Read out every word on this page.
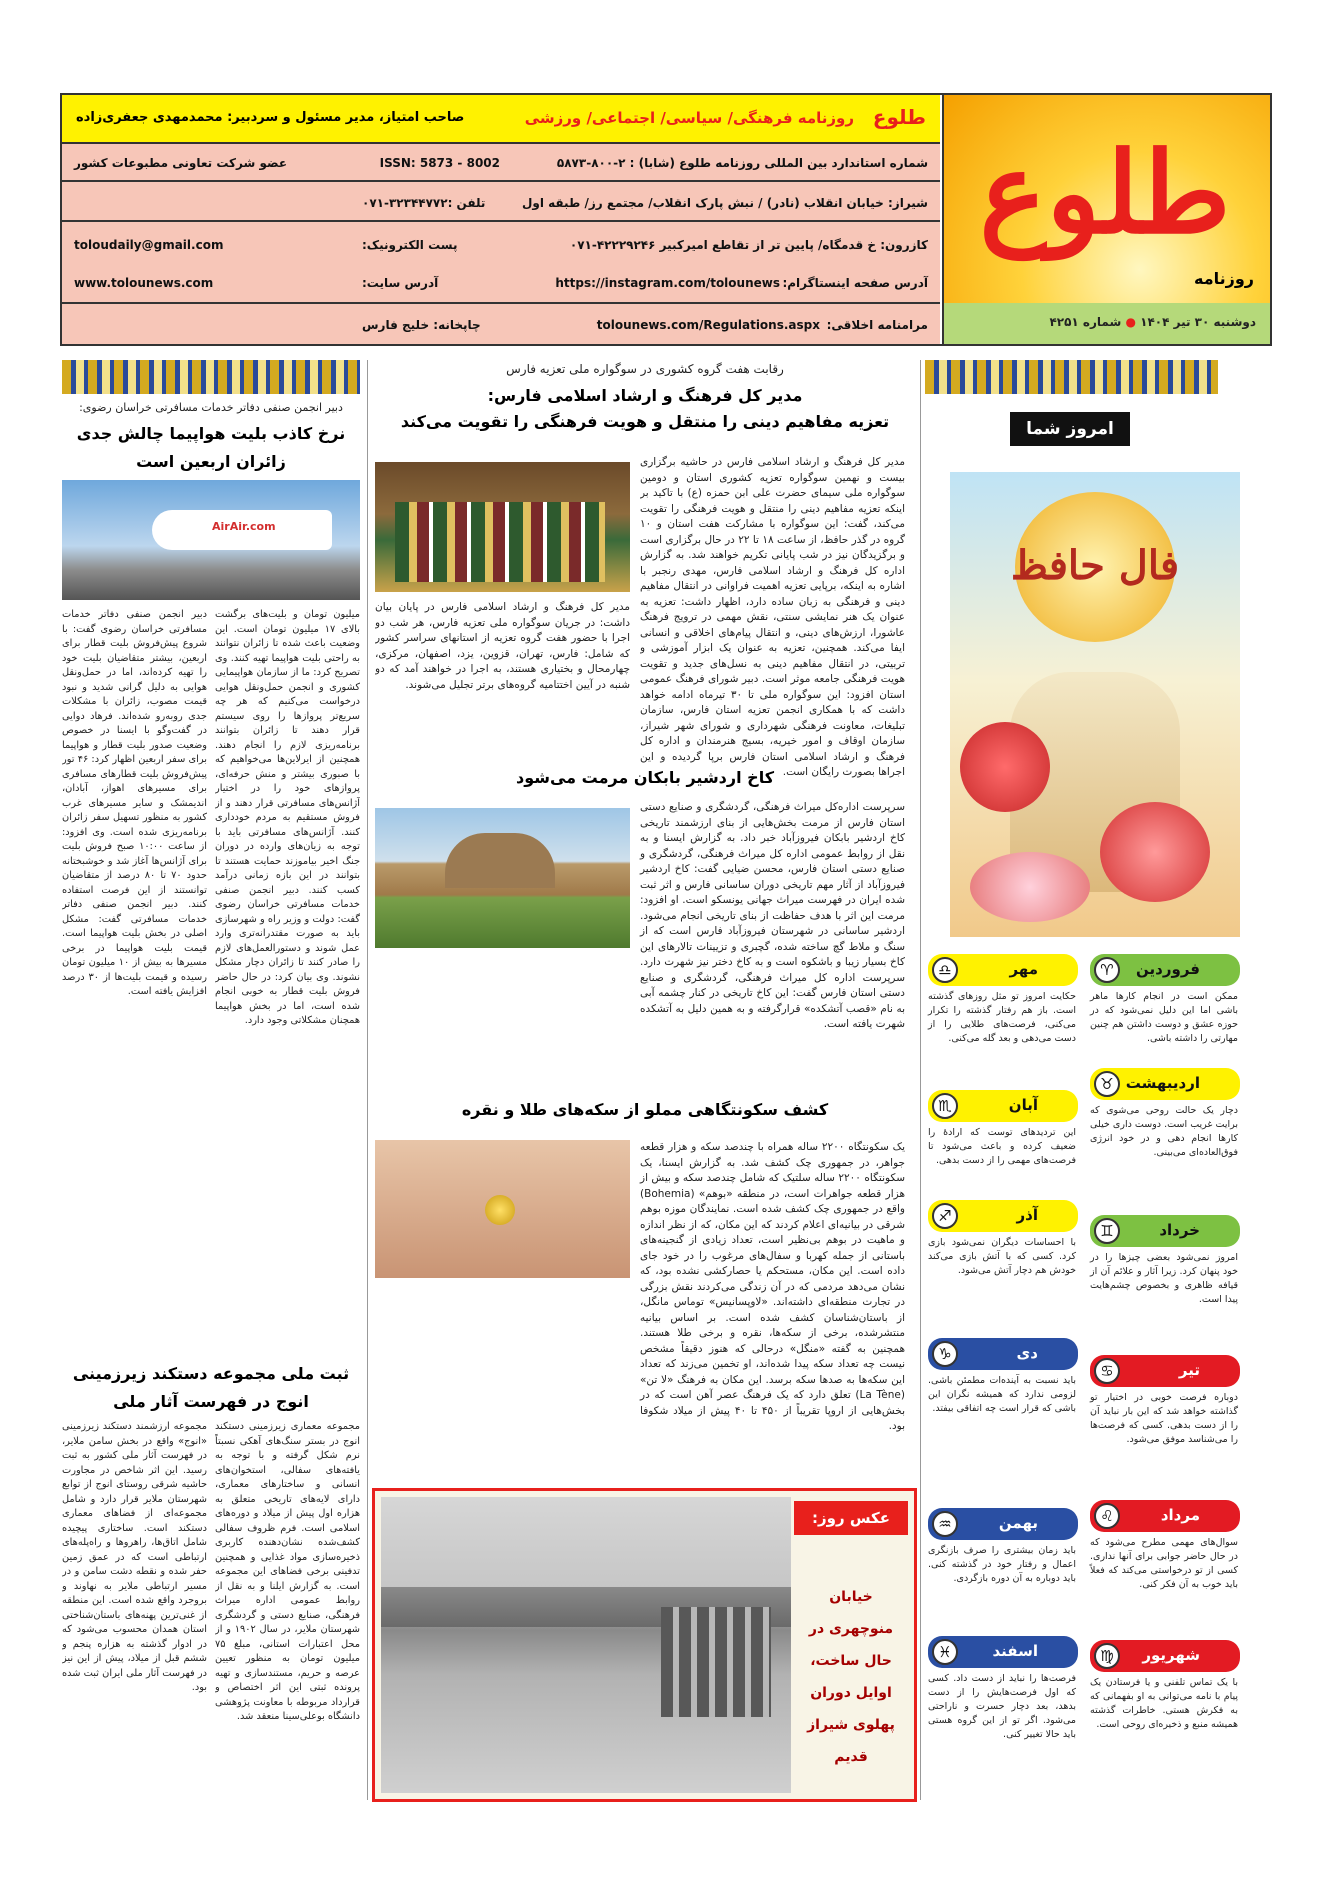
طلوع
روزنامه
دوشنبه ۳۰ تیر ۱۴۰۴ ● شماره ۴۲۵۱
طلوع
روزنامه فرهنگی/ سیاسی/ اجتماعی/ ورزشی
صاحب امتیاز، مدیر مسئول و سردبیر: محمدمهدی جعفری‌زاده
شماره استاندارد بین المللی روزنامه طلوع (شابا) : ۲-۸۰۰-۵۸۷۳
ISSN: 5873 - 8002
عضو شرکت تعاونی مطبوعات کشور
شیراز: خیابان انقلاب (نادر) / نبش پارک انقلاب/ مجتمع رز/ طبقه اول
تلفن :۳۲۳۴۴۷۷۲-۰۷۱
کازرون: خ قدمگاه/ پایین تر از تقاطع امیرکبیر ۴۲۲۲۹۲۴۶-۰۷۱
پست الکترونیک:
toloudaily@gmail.com
آدرس صفحه اینستاگرام:
https://instagram.com/tolounews
آدرس سایت:
www.tolounews.com
مرامنامه اخلاقی:
tolounews.com/Regulations.aspx
چاپخانه: خلیج فارس
امروز شما
فال حافظ
♈	فروردین
ممکن است در انجام کارها ماهر باشی اما این دلیل نمی‌شود که در حوزه عشق و دوست داشتن هم چنین مهارتی را داشته باشی.
♎	مهر
حکایت امروز تو مثل روزهای گذشته است. باز هم رفتار گذشته را تکرار می‌کنی، فرصت‌های طلایی را از دست می‌دهی و بعد گله می‌کنی.
♉ اردیبهشت
دچار یک حالت روحی می‌شوی که برایت غریب است. دوست داری خیلی کارها انجام دهی و در خود انرژی فوق‌العاده‌ای می‌بینی.
♏	آبان
این تردیدهای توست که ارادهٔ را ضعیف کرده و باعث می‌شود تا فرصت‌های مهمی را از دست بدهی.
♊	خرداد
امروز نمی‌شود بعضی چیزها را در خود پنهان کرد. زیرا آثار و علائم آن از قیافه ظاهری و بخصوص چشم‌هایت پیدا است.
♐	آذر
با احساسات دیگران نمی‌شود بازی کرد. کسی که با آتش بازی می‌کند خودش هم دچار آتش می‌شود.
♋	تیر
دوباره فرصت خوبی در اختیار تو گذاشته خواهد شد که این بار نباید آن را از دست بدهی. کسی که فرصت‌ها را می‌شناسد موفق می‌شود.
♑	دی
باید نسبت به آینده‌ات مطمئن باشی. لزومی ندارد که همیشه نگران این باشی که قرار است چه اتفاقی بیفتد.
♌	مرداد
سوال‌های مهمی مطرح می‌شود که در حال حاضر جوابی برای آنها نداری. کسی از تو درخواستی می‌کند که فعلاً باید خوب به آن فکر کنی.
♒	بهمن
باید زمان بیشتری را صرف بازنگری اعمال و رفتار خود در گذشته کنی. باید دوباره به آن دوره بازگردی.
♍	شهریور
با یک تماس تلفنی و یا فرستادن یک پیام با نامه می‌توانی به او بفهمانی که به فکرش هستی. خاطرات گذشته همیشه منبع و ذخیره‌ای روحی است.
♓	اسفند
فرصت‌ها را نباید از دست داد. کسی که اول فرصت‌هایش را از دست بدهد، بعد دچار حسرت و ناراحتی می‌شود. اگر تو از این گروه هستی باید حالا تغییر کنی.
رقابت هفت گروه کشوری در سوگواره ملی تعزیه فارس
مدیر کل فرهنگ و ارشاد اسلامی فارس:
تعزیه مفاهیم دینی را منتقل و هویت فرهنگی را تقویت می‌کند
مدیر کل فرهنگ و ارشاد اسلامی فارس در حاشیه برگزاری بیست و نهمین سوگواره تعزیه کشوری استان و دومین سوگواره ملی سیمای حضرت علی ابن حمزه (ع) با تاکید بر اینکه تعزیه مفاهیم دینی را منتقل و هویت فرهنگی را تقویت می‌کند، گفت: این سوگواره با مشارکت هفت استان و ۱۰ گروه در گذر حافظ، از ساعت ۱۸ تا ۲۲ در حال برگزاری است و برگزیدگان نیز در شب پایانی تکریم خواهند شد. به گزارش اداره کل فرهنگ و ارشاد اسلامی فارس، مهدی رنجبر با اشاره به اینکه، برپایی تعزیه اهمیت فراوانی در انتقال مفاهیم دینی و فرهنگی به زبان ساده دارد، اظهار داشت: تعزیه به عنوان یک هنر نمایشی سنتی، نقش مهمی در ترویج فرهنگ عاشورا، ارزش‌های دینی، و انتقال پیام‌های اخلاقی و انسانی ایفا می‌کند. همچنین، تعزیه به عنوان یک ابزار آموزشی و تربیتی، در انتقال مفاهیم دینی به نسل‌های جدید و تقویت هویت فرهنگی جامعه موثر است. دبیر شورای فرهنگ عمومی استان افزود: این سوگواره ملی تا ۳۰ تیرماه ادامه خواهد داشت که با همکاری انجمن تعزیه استان فارس، سازمان تبلیغات، معاونت فرهنگی شهرداری و شورای شهر شیراز، سازمان اوقاف و امور خیریه، بسیج هنرمندان و اداره کل فرهنگ و ارشاد اسلامی استان فارس برپا گردیده و این اجراها بصورت رایگان است.
مدیر کل فرهنگ و ارشاد اسلامی فارس در پایان بیان داشت: در جریان سوگواره ملی تعزیه فارس، هر شب دو اجرا با حضور هفت گروه تعزیه از استانهای سراسر کشور که شامل: فارس، تهران، قزوین، یزد، اصفهان، مرکزی، چهارمحال و بختیاری هستند، به اجرا در خواهند آمد که دو شنبه در آیین اختتامیه گروه‌های برتر تجلیل می‌شوند.
کاخ اردشیر بابکان مرمت می‌شود
سرپرست اداره‌کل میراث فرهنگی، گردشگری و صنایع دستی استان فارس از مرمت بخش‌هایی از بنای ارزشمند تاریخی کاخ اردشیر بابکان فیروزآباد خبر داد. به گزارش ایسنا و به نقل از روابط عمومی اداره کل میراث فرهنگی، گردشگری و صنایع دستی استان فارس، محسن ضیایی گفت: کاخ اردشیر فیروزآباد از آثار مهم تاریخی دوران ساسانی فارس و اثر ثبت شده ایران در فهرست میراث جهانی یونسکو است. او افزود: مرمت این اثر با هدف حفاظت از بنای تاریخی انجام می‌شود. اردشیر ساسانی در شهرستان فیروزآباد فارس است که از سنگ و ملاط گچ ساخته شده، گچبری و تزیینات تالارهای این کاخ بسیار زیبا و باشکوه است و به کاخ دختر نیز شهرت دارد. سرپرست اداره کل میراث فرهنگی، گردشگری و صنایع دستی استان فارس گفت: این کاخ تاریخی در کنار چشمه آبی به نام «قصب آتشکده» قرارگرفته و به همین دلیل به آتشکده شهرت یافته است.
کشف سکونتگاهی مملو از سکه‌های طلا و نقره
یک سکونتگاه ۲۲۰۰ ساله همراه با چندصد سکه و هزار قطعه جواهر، در جمهوری چک کشف شد. به گزارش ایسنا، یک سکونتگاه ۲۲۰۰ ساله سلتیک که شامل چندصد سکه و بیش از هزار قطعه جواهرات است، در منطقه «بوهم» (Bohemia) واقع در جمهوری چک کشف شده است. نمایندگان موزه بوهم شرقی در بیانیه‌ای اعلام کردند که این مکان، که از نظر اندازه و ماهیت در بوهم بی‌نظیر است، تعداد زیادی از گنجینه‌های باستانی از جمله کهربا و سفال‌های مرغوب را در خود جای داده است. این مکان، مستحکم یا حصارکشی نشده بود، که نشان می‌دهد مردمی که در آن زندگی می‌کردند نقش بزرگی در تجارت منطقه‌ای داشته‌اند. «لاوپسانیس» توماس مانگل، از باستان‌شناسان کشف شده است. بر اساس بیانیه منتشرشده، برخی از سکه‌ها، نقره و برخی طلا هستند. همچنین به گفته «منگل» درحالی که هنوز دقیقاً مشخص نیست چه تعداد سکه پیدا شده‌اند، او تخمین می‌زند که تعداد این سکه‌ها به صدها سکه برسد. این مکان به فرهنگ «لا تن» (La Tène) تعلق دارد که یک فرهنگ عصر آهن است که در بخش‌هایی از اروپا تقریباً از ۴۵۰ تا ۴۰ پیش از میلاد شکوفا بود.
عکس روز:
خیابان منوچهری در حال ساخت، اوایل دوران پهلوی شیراز قدیم
دبیر انجمن صنفی دفاتر خدمات مسافرتی خراسان رضوی:
نرخ کاذب بلیت هواپیما چالش جدی زائران اربعین است
AirAir.com
دبیر انجمن صنفی دفاتر خدمات مسافرتی خراسان رضوی گفت: با شروع پیش‌فروش بلیت قطار برای اربعین، بیشتر متقاضیان بلیت خود را تهیه کرده‌اند، اما در حمل‌ونقل هوایی به دلیل گرانی شدید و نبود قیمت مصوب، زائران با مشکلات جدی روبه‌رو شده‌اند. فرهاد دوایی در گفت‌وگو با ایسنا در خصوص وضعیت صدور بلیت قطار و هواپیما برای سفر اربعین اظهار کرد: ۴۶ تور پیش‌فروش بلیت قطارهای مسافری برای مسیرهای اهواز، آبادان، اندیمشک و سایر مسیرهای غرب کشور به منظور تسهیل سفر زائران برنامه‌ریزی شده است. وی افزود: از ساعت ۱۰:۰۰ صبح فروش بلیت برای آژانس‌ها آغاز شد و خوشبختانه حدود ۷۰ تا ۸۰ درصد از متقاضیان توانستند از این فرصت استفاده کنند. دبیر انجمن صنفی دفاتر خدمات مسافرتی گفت: مشکل اصلی در بخش بلیت هواپیما است. قیمت بلیت هواپیما در برخی مسیرها به بیش از ۱۰ میلیون تومان رسیده و قیمت بلیت‌ها از ۳۰ درصد افزایش یافته است.
میلیون تومان و بلیت‌های برگشت بالای ۱۷ میلیون تومان است. این وضعیت باعث شده تا زائران نتوانند به راحتی بلیت هواپیما تهیه کنند. وی تصریح کرد: ما از سازمان هواپیمایی کشوری و انجمن حمل‌ونقل هوایی درخواست می‌کنیم که هر چه سریع‌تر پروازها را روی سیستم قرار دهند تا زائران بتوانند برنامه‌ریزی لازم را انجام دهند. همچنین از ایرلاین‌ها می‌خواهیم که با صبوری بیشتر و منش حرفه‌ای، پروازهای خود را در اختیار آژانس‌های مسافرتی قرار دهند و از فروش مستقیم به مردم خودداری کنند. آژانس‌های مسافرتی باید با توجه به زیان‌های وارده در دوران جنگ اخیر بیاموزند حمایت هستند تا بتوانند در این بازه زمانی درآمد کسب کنند. دبیر انجمن صنفی خدمات مسافرتی خراسان رضوی گفت: دولت و وزیر راه و شهرسازی باید به صورت مقتدرانه‌تری وارد عمل شوند و دستورالعمل‌های لازم را صادر کنند تا زائران دچار مشکل نشوند. وی بیان کرد: در حال حاضر فروش بلیت قطار به خوبی انجام شده است، اما در بخش هواپیما همچنان مشکلاتی وجود دارد.
ثبت ملی مجموعه دستکند زیرزمینی انوج در فهرست آثار ملی
مجموعه معماری زیرزمینی دستکند انوج در بستر سنگ‌های آهکی نسبتاً نرم شکل گرفته و با توجه به یافته‌های سفالی، استخوان‌های انسانی و ساختارهای معماری، دارای لایه‌های تاریخی متعلق به هزاره اول پیش از میلاد و دوره‌های اسلامی است. فرم ظروف سفالی کشف‌شده نشان‌دهنده کاربری ذخیره‌سازی مواد غذایی و همچنین تدفینی برخی فضاهای این مجموعه است. به گزارش ایلنا و به نقل از روابط عمومی اداره میراث فرهنگی، صنایع دستی و گردشگری شهرستان ملایر، در سال ۱۹۰۲ و از محل اعتبارات استانی، مبلغ ۷۵ میلیون تومان به منظور تعیین عرصه و حریم، مستندسازی و تهیه پرونده ثبتی این اثر اختصاص و قرارداد مربوطه با معاونت پژوهشی دانشگاه بوعلی‌سینا منعقد شد.
مجموعه ارزشمند دستکند زیرزمینی «انوج» واقع در بخش سامن ملایر، در فهرست آثار ملی کشور به ثبت رسید. این اثر شاخص در مجاورت حاشیه شرقی روستای انوج از توابع شهرستان ملایر قرار دارد و شامل مجموعه‌ای از فضاهای معماری دستکند است. ساختاری پیچیده شامل اتاق‌ها، راهروها و راه‌پله‌های ارتباطی است که در عمق زمین حفر شده و نقطه دشت سامن و در مسیر ارتباطی ملایر به نهاوند و بروجرد واقع شده است. این منطقه از غنی‌ترین پهنه‌های باستان‌شناختی استان همدان محسوب می‌شود که در ادوار گذشته به هزاره پنجم و ششم قبل از میلاد، پیش از این نیز در فهرست آثار ملی ایران ثبت شده بود.
